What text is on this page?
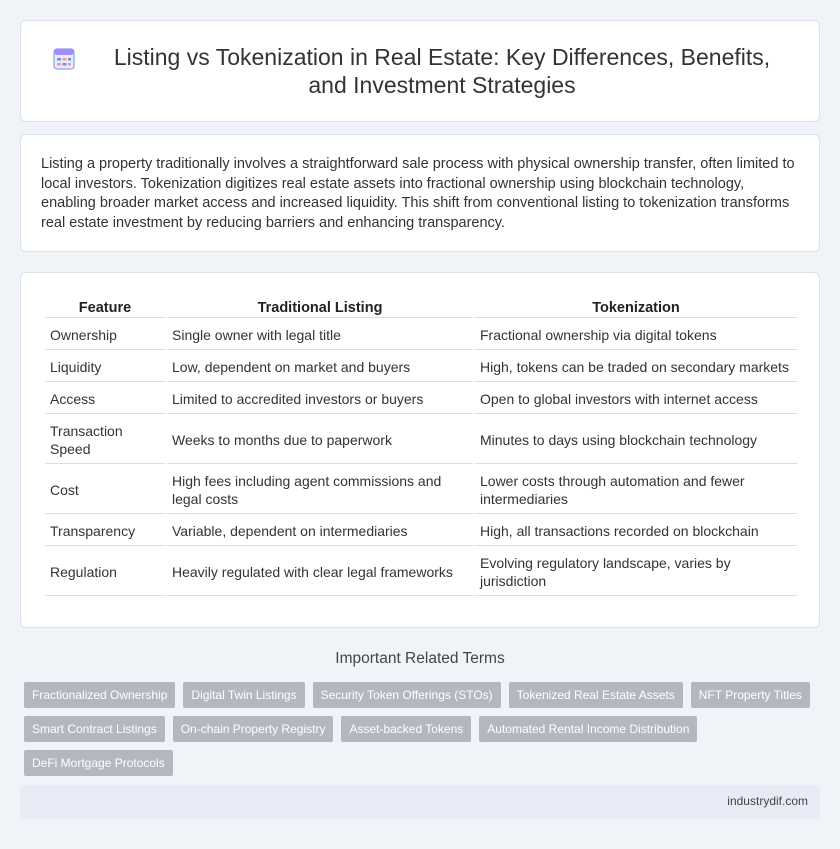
Listing vs Tokenization in Real Estate: Key Differences, Benefits, and Investment Strategies

Listing a property traditionally involves a straightforward sale process with physical ownership transfer, often limited to local investors. Tokenization digitizes real estate assets into fractional ownership using blockchain technology, enabling broader market access and increased liquidity. This shift from conventional listing to tokenization transforms real estate investment by reducing barriers and enhancing transparency.

Feature	Traditional Listing	Tokenization
Ownership	Single owner with legal title	Fractional ownership via digital tokens
Liquidity	Low, dependent on market and buyers	High, tokens can be traded on secondary markets
Access	Limited to accredited investors or buyers	Open to global investors with internet access
Transaction Speed	Weeks to months due to paperwork	Minutes to days using blockchain technology
Cost	High fees including agent commissions and legal costs	Lower costs through automation and fewer intermediaries
Transparency	Variable, dependent on intermediaries	High, all transactions recorded on blockchain
Regulation	Heavily regulated with clear legal frameworks	Evolving regulatory landscape, varies by jurisdiction
Important Related Terms
Fractionalized Ownership	Digital Twin Listings	Security Token Offerings (STOs)	Tokenized Real Estate Assets	NFT Property Titles
Smart Contract Listings	On-chain Property Registry	Asset-backed Tokens	Automated Rental Income Distribution
DeFi Mortgage Protocols
industrydif.com
